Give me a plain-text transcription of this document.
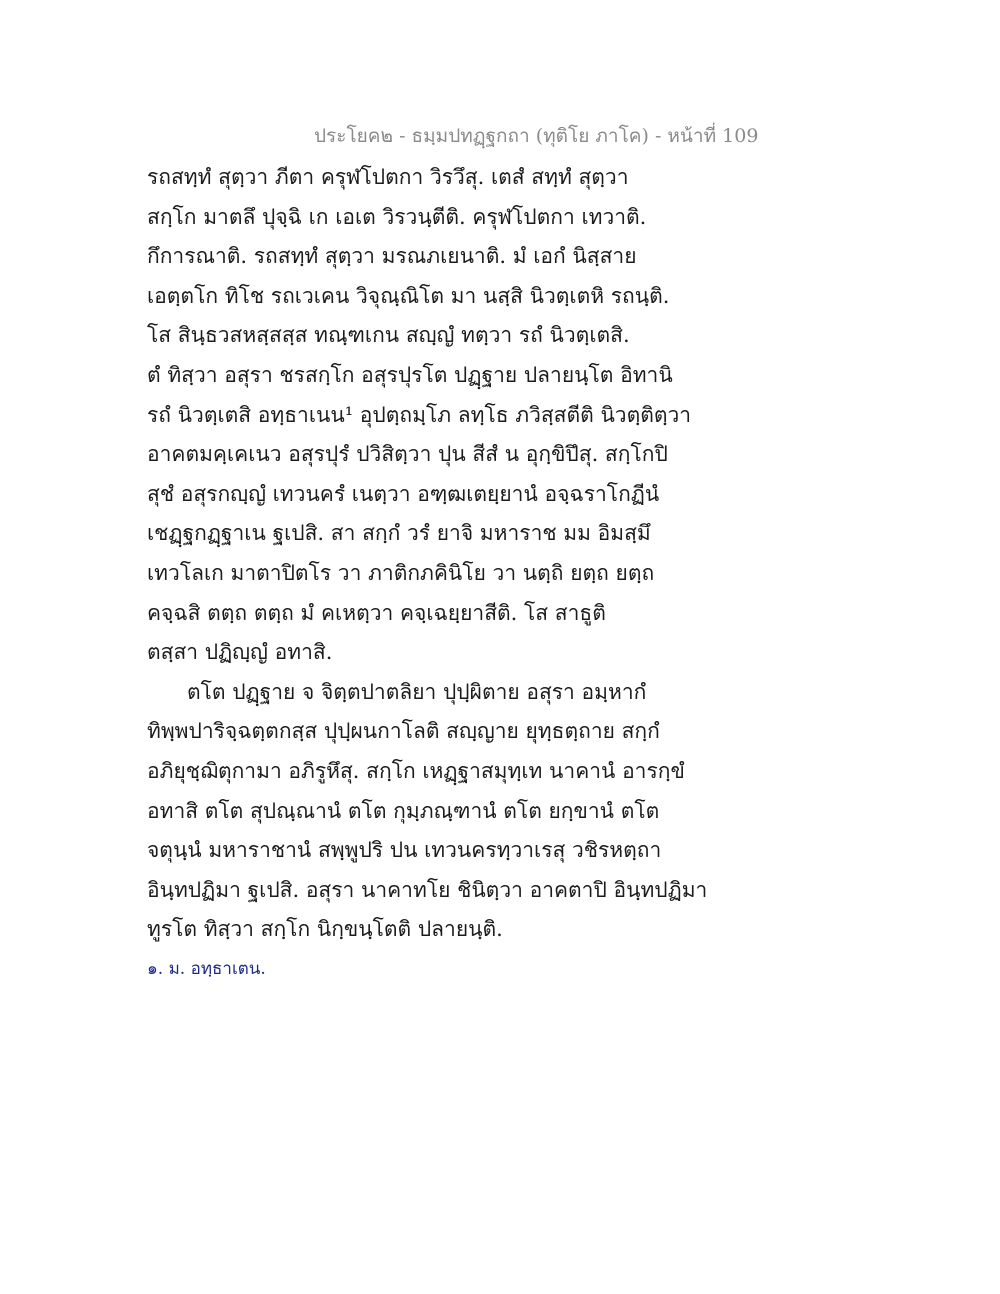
ประโยค๒ - ธมฺมปทฏฺฐกถา (ทุติโย ภาโค) - หน้าที่ 109
รถสทฺทํ สุตฺวา ภีตา ครุฬโปตกา วิรวึสุ. เตสํ สทฺทํ สุตฺวา
สกฺโก มาตลึ ปุจฺฉิ เก เอเต วิรวนฺตีติ. ครุฬโปตกา เทวาติ.
กึการณาติ. รถสทฺทํ สุตฺวา มรณภเยนาติ. มํ เอกํ นิสฺสาย
เอตฺตโก ทิโช รถเวเคน วิจุณฺณิโต มา นสฺสิ นิวตฺเตหิ รถนฺติ.
โส สินฺธวสหสฺสสฺส ทณฺฑเกน สญฺญํ ทตฺวา รถํ นิวตฺเตสิ.
ตํ ทิสฺวา อสุรา ชรสกฺโก อสุรปุรโต ปฏฺฐาย ปลายนฺโต อิทานิ
รถํ นิวตฺเตสิ อทฺธาเนน¹ อุปตฺถมฺโภ ลทฺโธ ภวิสฺสตีติ นิวตฺติตฺวา
อาคตมคฺเคเนว อสุรปุรํ ปวิสิตฺวา ปุน สีสํ น อุกฺขิปึสุ. สกฺโกปิ
สุชํ อสุรกญฺญํ เทวนครํ เนตฺวา อฑฺฒเตยฺยานํ อจฺฉราโกฏีนํ
เชฏฺฐกฏฺฐาเน ฐเปสิ. สา สกฺกํ วรํ ยาจิ มหาราช มม อิมสฺมึ
เทวโลเก มาตาปิตโร วา ภาติกภคินิโย วา นตฺถิ ยตฺถ ยตฺถ
คจฺฉสิ ตตฺถ ตตฺถ มํ คเหตฺวา คจฺเฉยฺยาสีติ. โส สาธูติ
ตสฺสา ปฏิญฺญํ อทาสิ.
ตโต ปฏฺฐาย จ จิตฺตปาตลิยา ปุปฺผิตาย อสุรา อมฺหากํ
ทิพฺพปาริจฺฉตฺตกสฺส ปุปฺผนกาโลติ สญฺญาย ยุทฺธตฺถาย สกฺกํ
อภิยุชฺฌิตุกามา อภิรูหึสุ. สกฺโก เหฏฺฐาสมุทฺเท นาคานํ อารกฺขํ
อทาสิ ตโต สุปณฺณานํ ตโต กุมฺภณฺฑานํ ตโต ยกฺขานํ ตโต
จตุนฺนํ มหาราชานํ สพฺพูปริ ปน เทวนครทฺวาเรสุ วชิรหตฺถา
อินฺทปฏิมา ฐเปสิ. อสุรา นาคาทโย ชินิตฺวา อาคตาปิ อินฺทปฏิมา
ทูรโต ทิสฺวา สกฺโก นิกฺขนฺโตติ ปลายนฺติ.
๑. ม. อทฺธาเตน.
